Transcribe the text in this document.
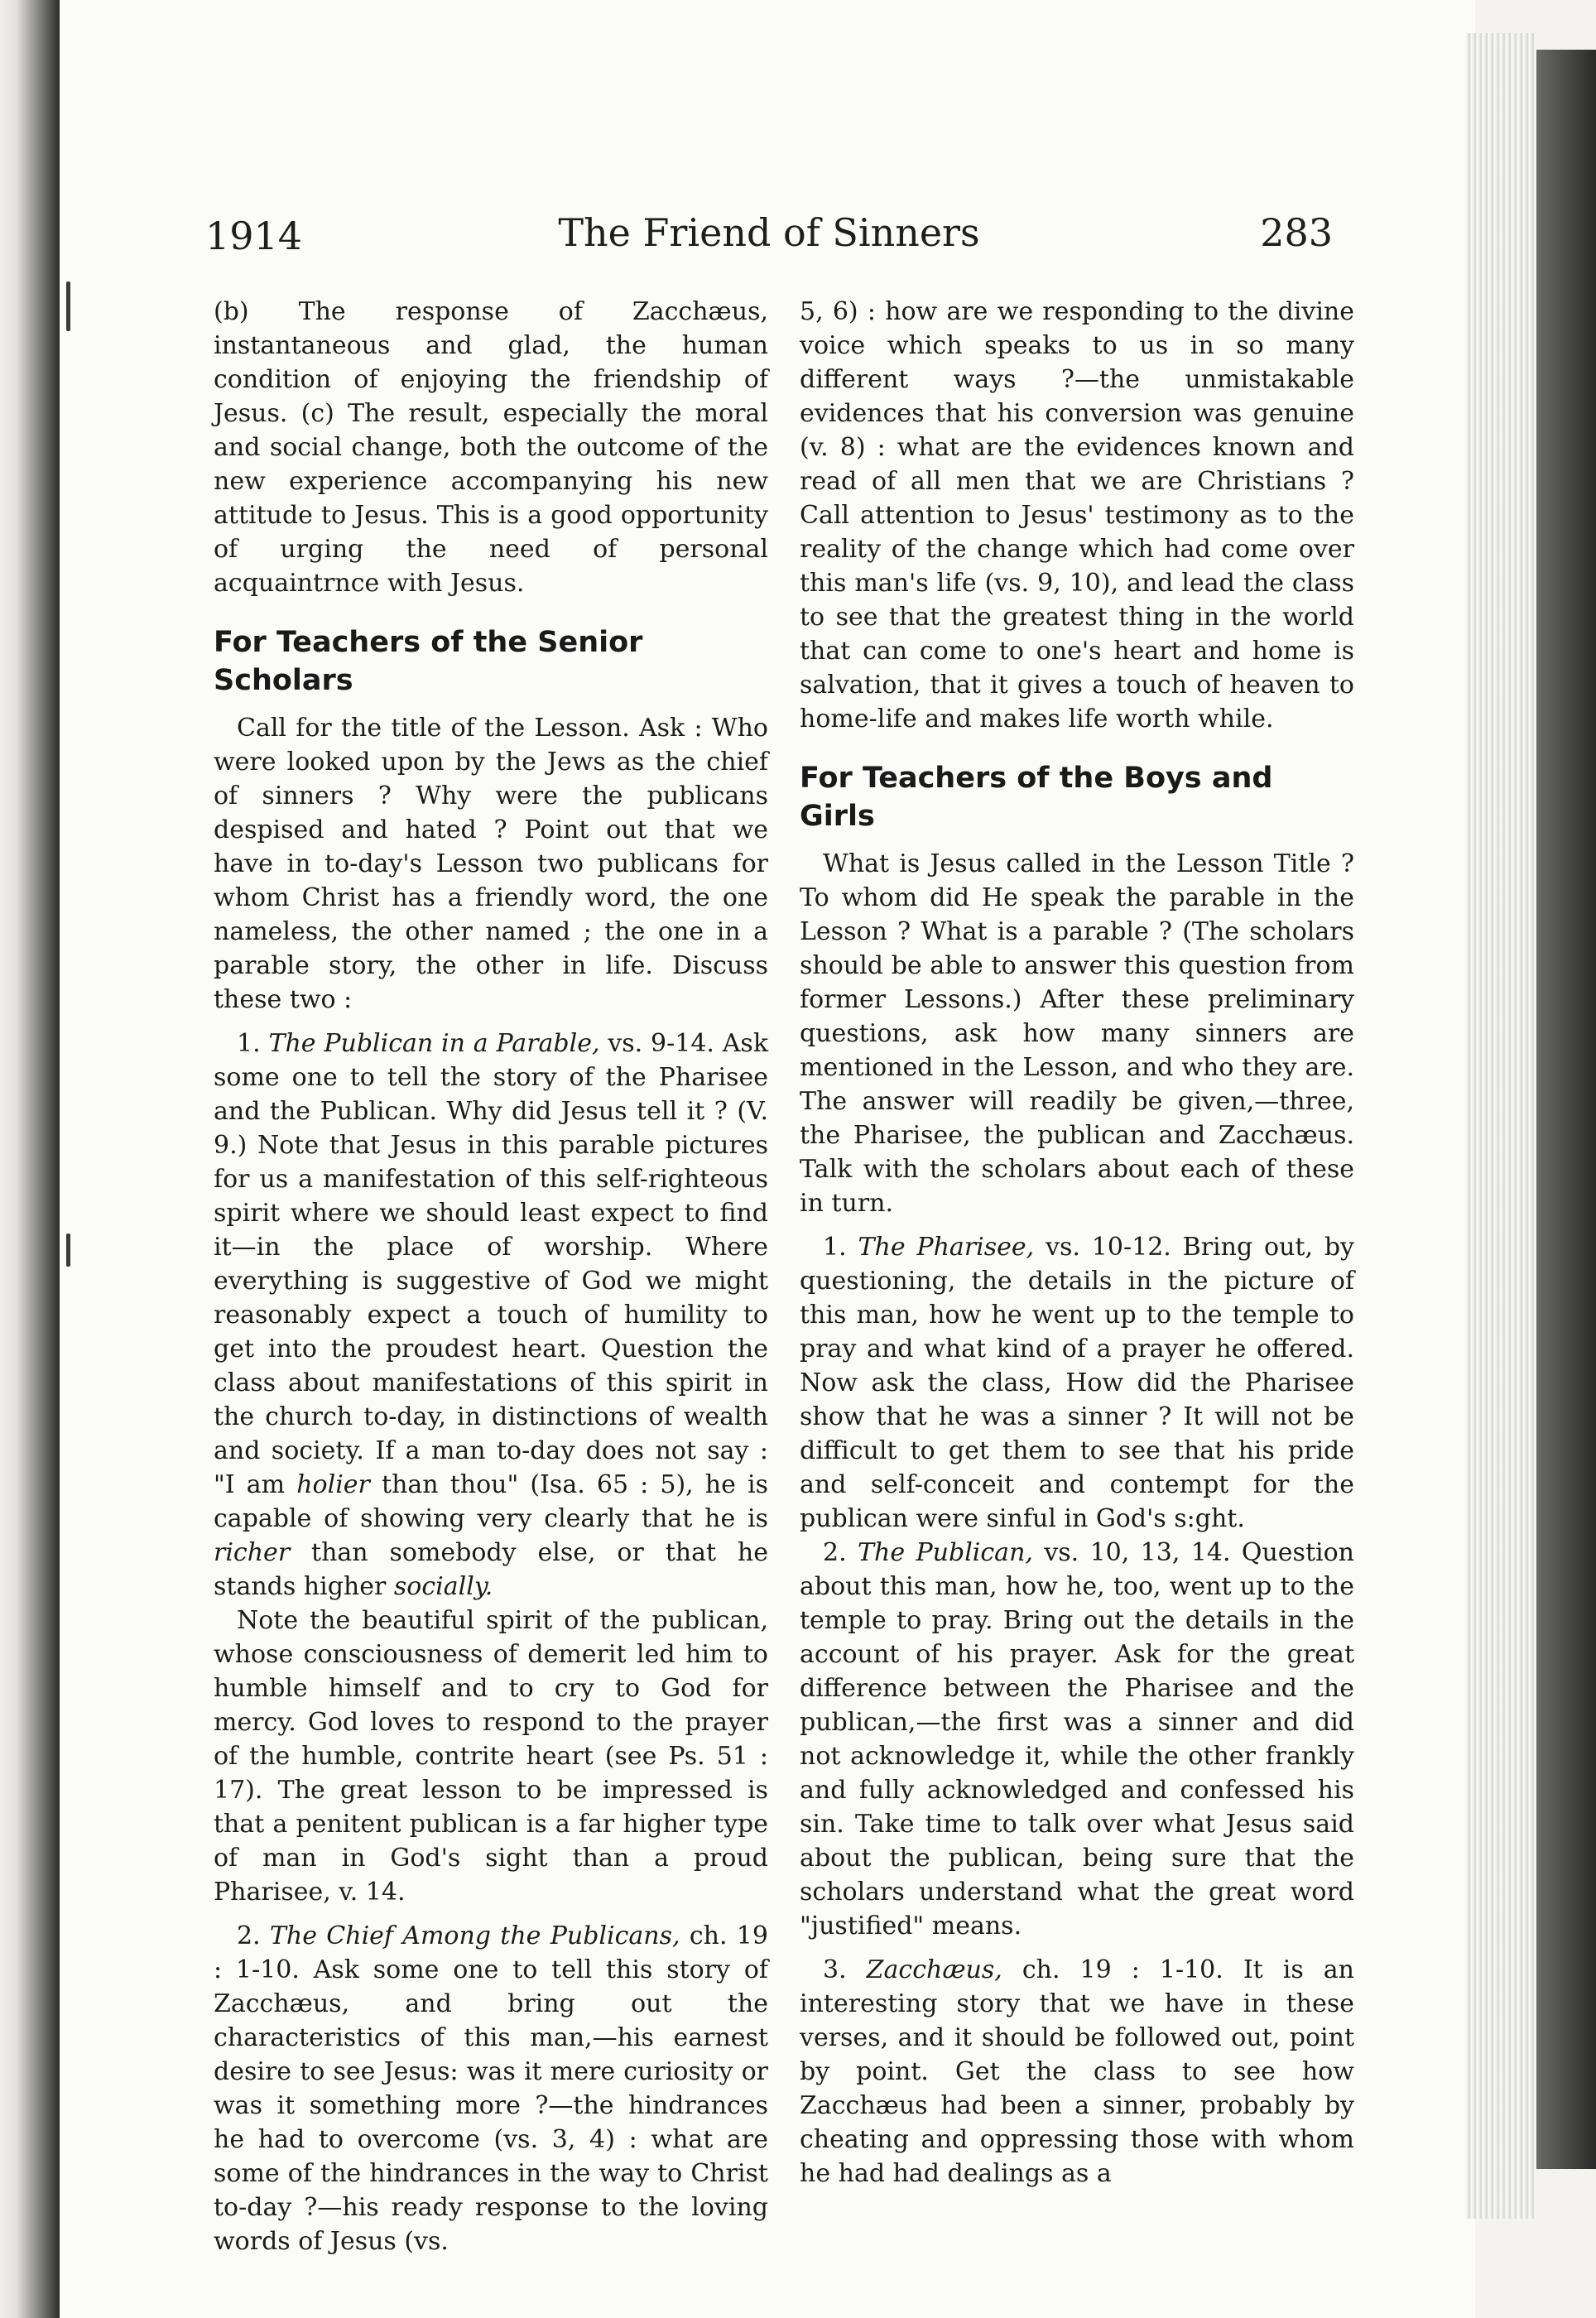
1914	The Friend of Sinners	283

(b) The response of Zacchæus, instantaneous and glad, the human condition of enjoying the friendship of Jesus. (c) The result, especially the moral and social change, both the outcome of the new experience accompanying his new attitude to Jesus. This is a good opportunity of urging the need of personal acquaintrnce with Jesus.

For Teachers of the Senior Scholars

Call for the title of the Lesson. Ask : Who were looked upon by the Jews as the chief of sinners ? Why were the publicans despised and hated ? Point out that we have in to-day's Lesson two publicans for whom Christ has a friendly word, the one nameless, the other named ; the one in a parable story, the other in life. Discuss these two :

1. The Publican in a Parable, vs. 9-14. Ask some one to tell the story of the Pharisee and the Publican. Why did Jesus tell it ? (V. 9.) Note that Jesus in this parable pictures for us a manifestation of this self-righteous spirit where we should least expect to find it—in the place of worship. Where everything is suggestive of God we might reasonably expect a touch of humility to get into the proudest heart. Question the class about manifestations of this spirit in the church to-day, in distinctions of wealth and society. If a man to-day does not say : "I am holier than thou" (Isa. 65 : 5), he is capable of showing very clearly that he is richer than somebody else, or that he stands higher socially.

Note the beautiful spirit of the publican, whose consciousness of demerit led him to humble himself and to cry to God for mercy. God loves to respond to the prayer of the humble, contrite heart (see Ps. 51 : 17). The great lesson to be impressed is that a penitent publican is a far higher type of man in God's sight than a proud Pharisee, v. 14.

2. The Chief Among the Publicans, ch. 19 : 1-10. Ask some one to tell this story of Zacchæus, and bring out the characteristics of this man,—his earnest desire to see Jesus: was it mere curiosity or was it something more ?—the hindrances he had to overcome (vs. 3, 4) : what are some of the hindrances in the way to Christ to-day ?—his ready response to the loving words of Jesus (vs.

5, 6) : how are we responding to the divine voice which speaks to us in so many different ways ?—the unmistakable evidences that his conversion was genuine (v. 8) : what are the evidences known and read of all men that we are Christians ? Call attention to Jesus' testimony as to the reality of the change which had come over this man's life (vs. 9, 10), and lead the class to see that the greatest thing in the world that can come to one's heart and home is salvation, that it gives a touch of heaven to home-life and makes life worth while.

For Teachers of the Boys and Girls

What is Jesus called in the Lesson Title ? To whom did He speak the parable in the Lesson ? What is a parable ? (The scholars should be able to answer this question from former Lessons.) After these preliminary questions, ask how many sinners are mentioned in the Lesson, and who they are. The answer will readily be given,—three, the Pharisee, the publican and Zacchæus. Talk with the scholars about each of these in turn.

1. The Pharisee, vs. 10-12. Bring out, by questioning, the details in the picture of this man, how he went up to the temple to pray and what kind of a prayer he offered. Now ask the class, How did the Pharisee show that he was a sinner ? It will not be difficult to get them to see that his pride and self-conceit and contempt for the publican were sinful in God's s:ght.

2. The Publican, vs. 10, 13, 14. Question about this man, how he, too, went up to the temple to pray. Bring out the details in the account of his prayer. Ask for the great difference between the Pharisee and the publican,—the first was a sinner and did not acknowledge it, while the other frankly and fully acknowledged and confessed his sin. Take time to talk over what Jesus said about the publican, being sure that the scholars understand what the great word "justified" means.

3. Zacchæus, ch. 19 : 1-10. It is an interesting story that we have in these verses, and it should be followed out, point by point. Get the class to see how Zacchæus had been a sinner, probably by cheating and oppressing those with whom he had had dealings as a
